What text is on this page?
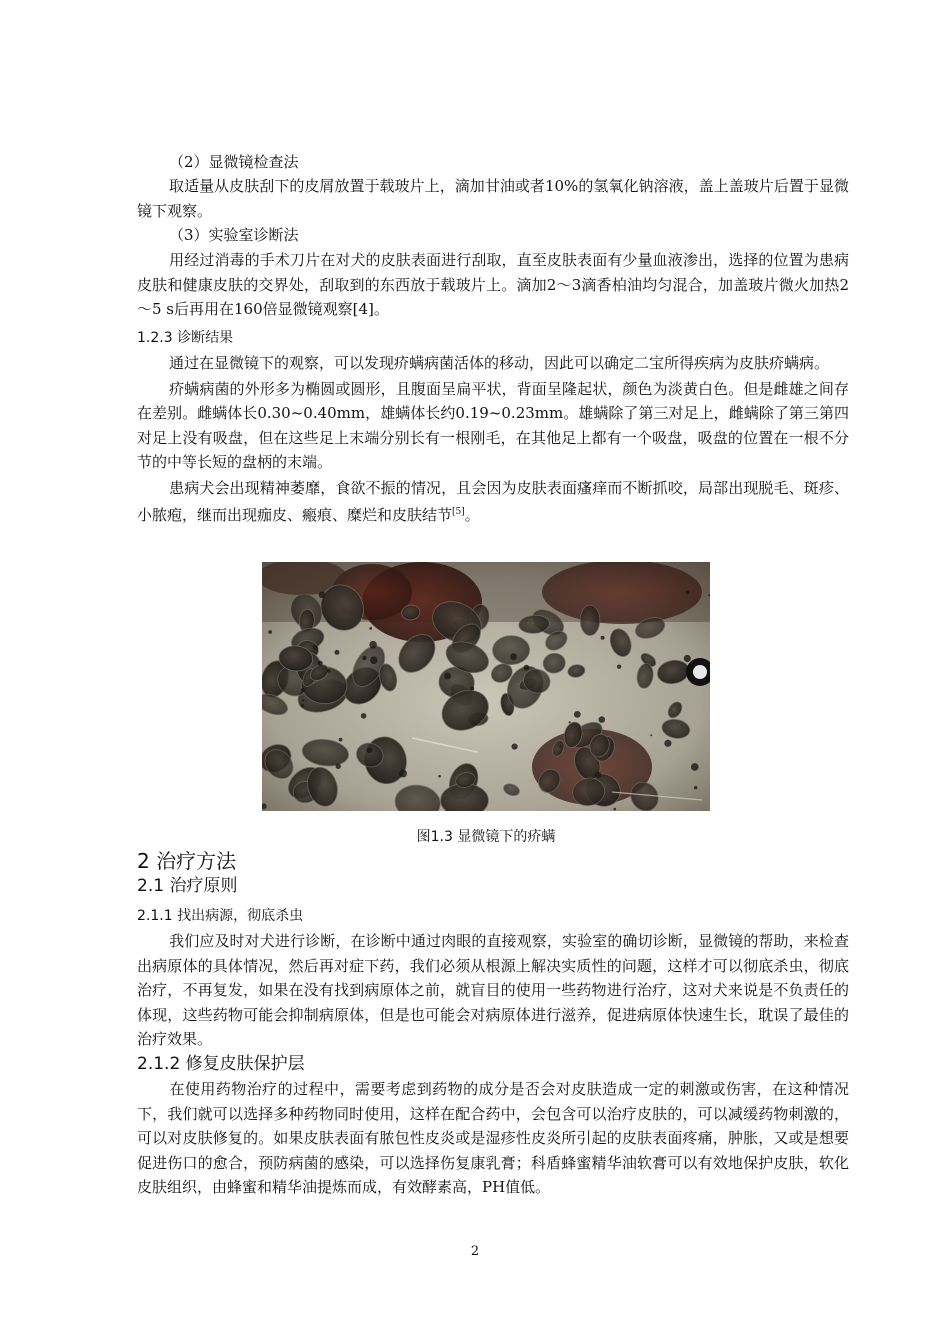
（2）显微镜检查法

取适量从皮肤刮下的皮屑放置于载玻片上，滴加甘油或者10%的氢氧化钠溶液，盖上盖玻片后置于显微镜下观察。

（3）实验室诊断法

用经过消毒的手术刀片在对犬的皮肤表面进行刮取，直至皮肤表面有少量血液渗出，选择的位置为患病皮肤和健康皮肤的交界处，刮取到的东西放于载玻片上。滴加2～3滴香柏油均匀混合，加盖玻片微火加热2～5 s后再用在160倍显微镜观察[4]。

1.2.3 诊断结果

通过在显微镜下的观察，可以发现疥螨病菌活体的移动，因此可以确定二宝所得疾病为皮肤疥螨病。

疥螨病菌的外形多为椭圆或圆形，且腹面呈扁平状，背面呈隆起状，颜色为淡黄白色。但是雌雄之间存在差别。雌螨体长0.30~0.40mm，雄螨体长约0.19~0.23mm。雄螨除了第三对足上，雌螨除了第三第四对足上没有吸盘，但在这些足上末端分别长有一根刚毛，在其他足上都有一个吸盘，吸盘的位置在一根不分节的中等长短的盘柄的末端。

患病犬会出现精神萎靡，食欲不振的情况，且会因为皮肤表面瘙痒而不断抓咬，局部出现脱毛、斑疹、小脓疱，继而出现痂皮、瘢痕、糜烂和皮肤结节[5]。

图1.3 显微镜下的疥螨

2 治疗方法

2.1 治疗原则

2.1.1 找出病源，彻底杀虫

我们应及时对犬进行诊断，在诊断中通过肉眼的直接观察，实验室的确切诊断，显微镜的帮助，来检查出病原体的具体情况，然后再对症下药，我们必须从根源上解决实质性的问题，这样才可以彻底杀虫，彻底治疗，不再复发，如果在没有找到病原体之前，就盲目的使用一些药物进行治疗，这对犬来说是不负责任的体现，这些药物可能会抑制病原体，但是也可能会对病原体进行滋养，促进病原体快速生长，耽误了最佳的治疗效果。

2.1.2 修复皮肤保护层

在使用药物治疗的过程中，需要考虑到药物的成分是否会对皮肤造成一定的刺激或伤害，在这种情况下，我们就可以选择多种药物同时使用，这样在配合药中，会包含可以治疗皮肤的，可以减缓药物刺激的，可以对皮肤修复的。如果皮肤表面有脓包性皮炎或是湿疹性皮炎所引起的皮肤表面疼痛，肿胀，又或是想要促进伤口的愈合，预防病菌的感染，可以选择伤复康乳膏；科盾蜂蜜精华油软膏可以有效地保护皮肤，软化皮肤组织，由蜂蜜和精华油提炼而成，有效酵素高，PH值低。

2
